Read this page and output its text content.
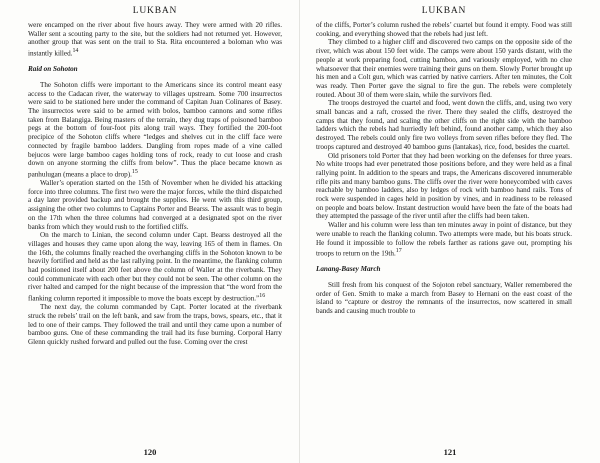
LUKBAN

were encamped on the river about five hours away. They were armed with 20 rifles. Waller sent a scouting party to the site, but the soldiers had not returned yet. However, another group that was sent on the trail to Sta. Rita encountered a boloman who was instantly killed.$^{14}$

Raid on Sohoton

The Sohoton cliffs were important to the Americans since its control meant easy access to the Cadacan river, the waterway to villages upstream. Some 700 insurrectos were said to be stationed here under the command of Capitan Juan Colinares of Basey. The insurrectos were said to be armed with bolos, bamboo cannons and some rifles taken from Balangiga. Being masters of the terrain, they dug traps of poisoned bamboo pegs at the bottom of four-foot pits along trail ways. They fortified the 200-foot precipice of the Sohoton cliffs where “ledges and shelves cut in the cliff face were connected by fragile bamboo ladders. Dangling from ropes made of a vine called bejucos were large bamboo cages holding tons of rock, ready to cut loose and crash down on anyone storming the cliffs from below”. Thus the place became known as panhulugan (means a place to drop).$^{15}$

Waller’s operation started on the 15th of November when he divided his attacking force into three columns. The first two were the major forces, while the third dispatched a day later provided backup and brought the supplies. He went with this third group, assigning the other two columns to Captains Porter and Bearss. The assault was to begin on the 17th when the three columns had converged at a designated spot on the river banks from which they would rush to the fortified cliffs.

On the march to Linian, the second column under Capt. Bearss destroyed all the villages and houses they came upon along the way, leaving 165 of them in flames. On the 16th, the columns finally reached the overhanging cliffs in the Sohoton known to be heavily fortified and held as the last rallying point. In the meantime, the flanking column had positioned itself about 200 feet above the column of Waller at the riverbank. They could communicate with each other but they could not be seen. The other column on the river halted and camped for the night because of the impression that “the word from the flanking column reported it impossible to move the boats except by destruction.”$^{16}$

The next day, the column commanded by Capt. Porter located at the riverbank struck the rebels’ trail on the left bank, and saw from the traps, bows, spears, etc., that it led to one of their camps. They followed the trail and until they came upon a number of bamboo guns. One of these commanding the trail had its fuse burning. Corporal Harry Glenn quickly rushed forward and pulled out the fuse. Coming over the crest

120
LUKBAN

of the cliffs, Porter’s column rushed the rebels’ cuartel but found it empty. Food was still cooking, and everything showed that the rebels had just left.

They climbed to a higher cliff and discovered two camps on the opposite side of the river, which was about 150 feet wide. The camps were about 150 yards distant, with the people at work preparing food, cutting bamboo, and variously employed, with no clue whatsoever that their enemies were training their guns on them. Slowly Porter brought up his men and a Colt gun, which was carried by native carriers. After ten minutes, the Colt was ready. Then Porter gave the signal to fire the gun. The rebels were completely routed. About 30 of them were slain, while the survivors fled.

The troops destroyed the cuartel and food, went down the cliffs, and, using two very small bancas and a raft, crossed the river. There they sealed the cliffs, destroyed the camps that they found, and scaling the other cliffs on the right side with the bamboo ladders which the rebels had hurriedly left behind, found another camp, which they also destroyed. The rebels could only fire two volleys from seven rifles before they fled. The troops captured and destroyed 40 bamboo guns (lantakas), rice, food, besides the cuartel.

Old prisoners told Porter that they had been working on the defenses for three years. No white troops had ever penetrated those positions before, and they were held as a final rallying point. In addition to the spears and traps, the Americans discovered innumerable rifle pits and many bamboo guns. The cliffs over the river were honeycombed with caves reachable by bamboo ladders, also by ledges of rock with bamboo hand rails. Tons of rock were suspended in cages held in position by vines, and in readiness to be released on people and boats below. Instant destruction would have been the fate of the boats had they attempted the passage of the river until after the cliffs had been taken.

Waller and his column were less than ten minutes away in point of distance, but they were unable to reach the flanking column. Two attempts were made, but his boats struck. He found it impossible to follow the rebels farther as rations gave out, prompting his troops to return on the 19th.$^{17}$

Lanang-Basey March

Still fresh from his conquest of the Sojoton rebel sanctuary, Waller remembered the order of Gen. Smith to make a march from Basey to Hernani on the east coast of the island to “capture or destroy the remnants of the insurrectos, now scattered in small bands and causing much trouble to

121
